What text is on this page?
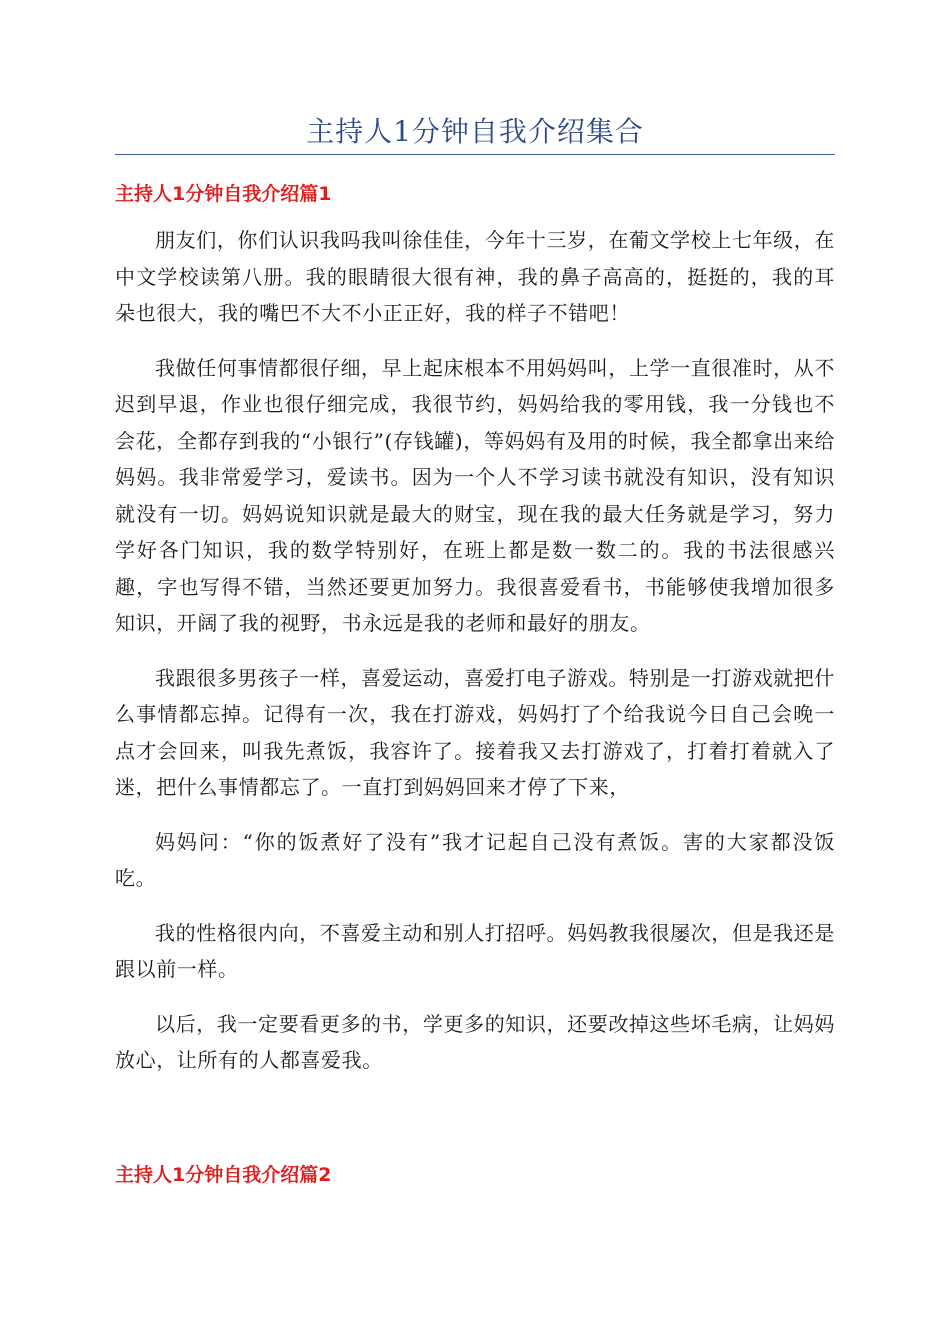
主持人1分钟自我介绍集合
主持人1分钟自我介绍篇1

朋友们，你们认识我吗我叫徐佳佳，今年十三岁，在葡文学校上七年级，在中文学校读第八册。我的眼睛很大很有神，我的鼻子高高的，挺挺的，我的耳朵也很大，我的嘴巴不大不小正正好，我的样子不错吧！

我做任何事情都很仔细，早上起床根本不用妈妈叫，上学一直很准时，从不迟到早退，作业也很仔细完成，我很节约，妈妈给我的零用钱，我一分钱也不会花，全都存到我的“小银行”(存钱罐)，等妈妈有及用的时候，我全都拿出来给妈妈。我非常爱学习，爱读书。因为一个人不学习读书就没有知识，没有知识就没有一切。妈妈说知识就是最大的财宝，现在我的最大任务就是学习，努力学好各门知识，我的数学特别好，在班上都是数一数二的。我的书法很感兴趣，字也写得不错，当然还要更加努力。我很喜爱看书，书能够使我增加很多知识，开阔了我的视野，书永远是我的老师和最好的朋友。

我跟很多男孩子一样，喜爱运动，喜爱打电子游戏。特别是一打游戏就把什么事情都忘掉。记得有一次，我在打游戏，妈妈打了个给我说今日自己会晚一点才会回来，叫我先煮饭，我容许了。接着我又去打游戏了，打着打着就入了迷，把什么事情都忘了。一直打到妈妈回来才停了下来，

妈妈问：“你的饭煮好了没有”我才记起自己没有煮饭。害的大家都没饭吃。

我的性格很内向，不喜爱主动和别人打招呼。妈妈教我很屡次，但是我还是跟以前一样。

以后，我一定要看更多的书，学更多的知识，还要改掉这些坏毛病，让妈妈放心，让所有的人都喜爱我。

主持人1分钟自我介绍篇2
